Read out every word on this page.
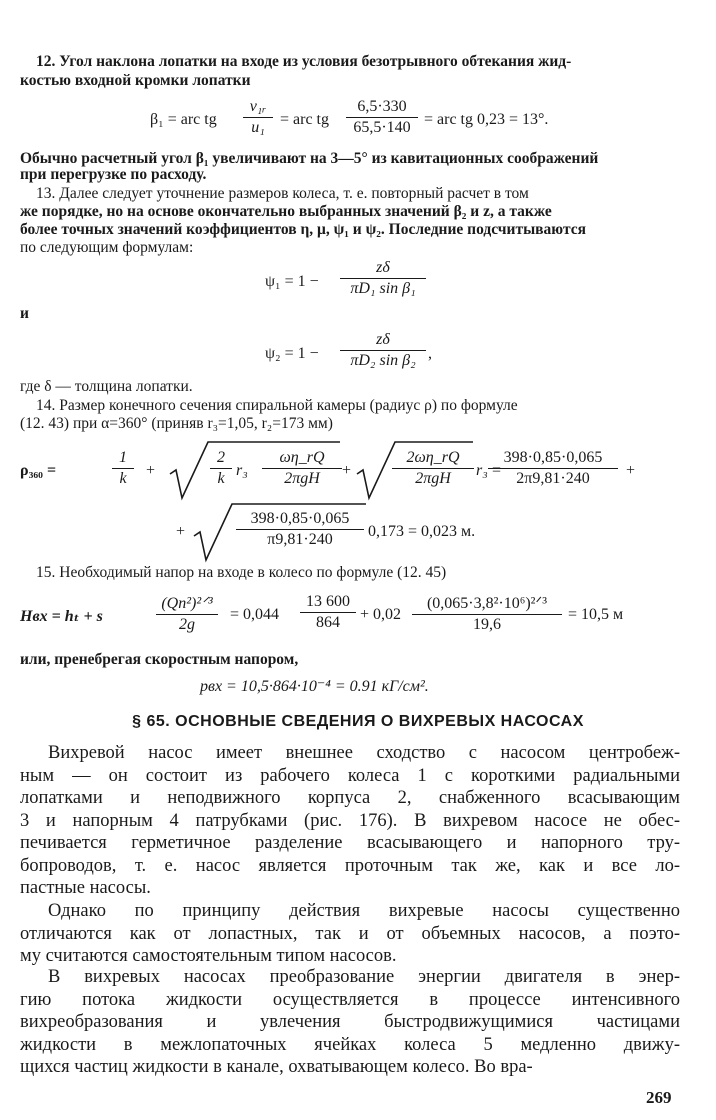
12. Угол наклона лопатки на входе из условия безотрывного обтекания жид-
костью входной кромки лопатки
β₁ = arc tg $\frac{\text{v₁ᵣ}}{\text{u₁}}$ = arc tg $\frac{6,5\cdot 330}{65,5\cdot 140}$ = arc tg 0,23 = 13°.
Обычно расчетный угол β₁ увеличивают на 3—5° из кавитационных соображений
при перегрузке по расходу.
13. Далее следует уточнение размеров колеса, т. е. повторный расчет в том
же порядке, но на основе окончательно выбранных значений β₂ и z, а также
более точных значений коэффициентов η, μ, ψ₁ и ψ₂. Последние подсчитываются
по следующим формулам:
$\psi_1 = 1 - \frac{z\delta}{\text{πD₁ sin β₁}}$
и
$\psi_2 = 1 - \frac{z\delta}{\text{πD₂ sin β₂}}$ ,
где δ — толщина лопатки.
14. Размер конечного сечения спиральной камеры (радиус ρ) по формуле
(12. 43) при α=360° (приняв r₃=1,05, r₂=173 мм)
ρ₃₆₀ =	$\frac{1}{k}$ +	$\frac{2}{k} r_3$
ωη_rQ
2πgH	+
2ωη_rQ
2πgH	r₃ =
$\frac{398\cdot 0,85\cdot 0,065}{2\pi 9,81\cdot 240}$ +
+	$\frac{398\cdot 0,85\cdot 0,065}{\pi 9,81\cdot 240} 0,173 = 0,023$ м.
15. Необходимый напор на входе в колесо по формуле (12. 45)
Hвх = hₜ + s
(Qn²)²ᐟ³
2g
= $0,044 \frac{13 600}{864} + 0,02$
(0,065·3,8²·10⁶)²ᐟ³
19,6
= 10,5 м
или, пренебрегая скоростным напором,
pвх = 10,5·864·10⁻⁴ = 0.91 кГ/см².
§ 65. ОСНОВНЫЕ СВЕДЕНИЯ О ВИХРЕВЫХ НАСОСАХ
Вихревой насос имеет внешнее сходство с насосом центробеж-
ным — он состоит из рабочего колеса 1 с короткими радиальными
лопатками и неподвижного корпуса 2, снабженного всасывающим
3 и напорным 4 патрубками (рис. 176). В вихревом насосе не обес-
печивается герметичное разделение всасывающего и напорного тру-
бопроводов, т. е. насос является проточным так же, как и все ло-
пастные насосы.
Однако по принципу действия вихревые насосы существенно
отличаются как от лопастных, так и от объемных насосов, а поэто-
му считаются самостоятельным типом насосов.
В вихревых насосах преобразование энергии двигателя в энер-
гию потока жидкости осуществляется в процессе интенсивного
вихреобразования и увлечения быстродвижущимися частицами
жидкости в межлопаточных ячейках колеса 5 медленно движу-
щихся частиц жидкости в канале, охватывающем колесо. Во вра-
269
